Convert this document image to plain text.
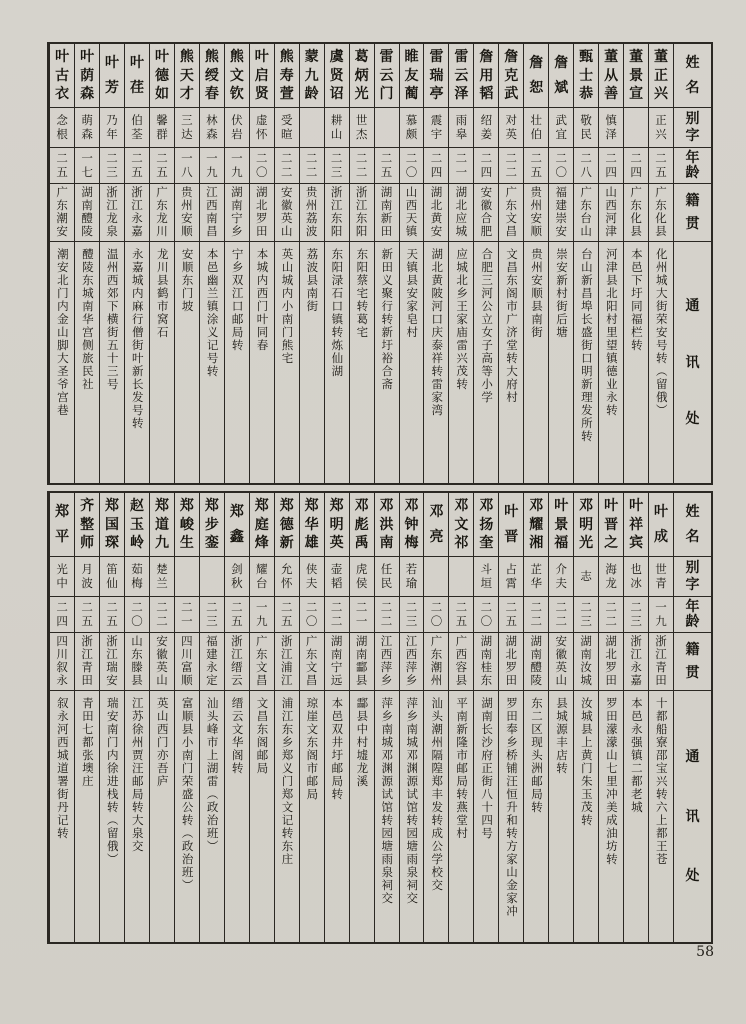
姓
名
别
字
年
龄
籍
贯
通
讯
处
董
正
兴
正
兴
二
五
广
东
化
县
化州城大街荣安号转（留俄）
董
景
宣
二
四
广
东
化
县
本邑下圩同福栏转
董
从
善
慎
泽
二
四
山
西
河
津
河津县北阳村里望镇德业永转
甄
士
恭
敬
民
二
八
广
东
台
山
台山新昌埠长盛街口明新理发所转
詹
斌
武
宜
二
〇
福
建
崇
安
崇安新村街后塘
詹
恕
壮
伯
二
五
贵
州
安
顺
贵州安顺县南街
詹
克
武
对
英
二
二
广
东
文
昌
文昌东阁市广济堂转大府村
詹
用
韬
绍
姜
二
四
安
徽
合
肥
合肥三河公立女子高等小学
雷
云
泽
雨
皋
二
一
湖
北
应
城
应城北乡王家庙雷兴茂转
雷
瑞
亭
震
宇
二
四
湖
北
黄
安
湖北黄陂河口庆泰祥转雷家湾
睢
友
蔺
慕
颇
二
〇
山
西
天
镇
天镇县安家皂村
雷
云
门
二
五
湖
南
新
田
新田义聚行转新圩裕合斋
葛
炳
光
世
杰
二
二
浙
江
东
阳
东阳蔡宅转葛宅
虞
贤
诏
耕
山
二
三
浙
江
东
阳
东阳渌石口镇转炼仙湖
蒙
九
龄
二
二
贵
州
荔
波
荔波县南街
熊
寿
萱
受
暄
二
二
安
徽
英
山
英山城内小南门熊宅
叶
启
贤
虚
怀
二
〇
湖
北
罗
田
本城内西门叶同春
熊
文
钦
伏
岩
一
九
湖
南
宁
乡
宁乡双江口邮局转
熊
绶
春
林
森
一
九
江
西
南
昌
本邑幽兰镇涂义记号转
熊
天
才
三
达
一
八
贵
州
安
顺
安顺东门坡
叶
德
如
馨
群
二
五
广
东
龙
川
龙川县鹤市窝石
叶
荏
伯
荃
二
五
浙
江
永
嘉
永嘉城内麻行僧街叶新长发号转
叶
芳
乃
年
二
三
浙
江
龙
泉
温州西郊下横街五十三号
叶
荫
森
萌
森
一
七
湖
南
醴
陵
醴陵东城南华宫侧旅民社
叶
古
衣
念
根
二
五
广
东
潮
安
潮安北门内金山脚大圣爷宫巷
姓
名
别
字
年
龄
籍
贯
通
讯
处
叶
成
世
青
一
九
浙
江
青
田
十都船寮邵宝兴转六上都王苍
叶
祥
宾
也
冰
二
三
浙
江
永
嘉
本邑永强镇二都老城
叶
晋
之
海
龙
二
二
湖
北
罗
田
罗田濛濛山七里冲美成油坊转
邓
明
光
志
二
三
湖
南
汝
城
汝城县上黄门朱玉茂转
叶
景
福
介
夫
二
二
安
徽
英
山
县城源丰店转
邓
耀
湘
芷
华
二
二
湖
南
醴
陵
东二区现头洲邮局转
叶
晋
占
霄
二
五
湖
北
罗
田
罗田奉乡桥铺汪恒升和转方家山金家冲
邓
扬
奎
斗
垣
二
〇
湖
南
桂
东
湖南长沙府正街八十四号
邓
文
祁
二
五
广
西
容
县
平南新隆市邮局转燕堂村
邓
亮
二
〇
广
东
潮
州
汕头潮州隔隍郑丰发转成公学校交
邓
钟
梅
若
瑜
二
三
江
西
萍
乡
萍乡南城邓渊源试馆转园塘雨泉祠交
邓
洪
南
任
民
二
二
江
西
萍
乡
萍乡南城邓渊源试馆转园塘雨泉祠交
邓
彪
禹
虎
侯
二
一
湖
南
酃
县
酃县中村墟龙溪
郑
明
英
壶
韬
二
二
湖
南
宁
远
本邑双井圩邮局转
郑
华
雄
侠
夫
二
〇
广
东
文
昌
琼崖文东阁市邮局
郑
德
新
允
怀
二
五
浙
江
浦
江
浦江东乡郑义门郑文记转东庄
郑
庭
烽
耀
台
一
九
广
东
文
昌
文昌东阁邮局
郑
鑫
剑
秋
二
五
浙
江
缙
云
缙云文华阁转
郑
步
銮
二
三
福
建
永
定
汕头峰市上湖雷（政治班）
郑
峻
生
二
一
四
川
富
顺
富顺县小南门荣盛公转（政治班）
郑
道
九
楚
兰
二
二
安
徽
英
山
英山西门亦吾庐
赵
玉
岭
茹
梅
二
〇
山
东
滕
县
江苏徐州贾汪邮局转大泉交
郑
国
琛
笛
仙
二
五
浙
江
瑞
安
瑞安南门内徐进栈转（留俄）
齐
整
师
月
波
二
五
浙
江
青
田
青田七都张墺庄
郑
平
光
中
二
四
四
川
叙
永
叙永河西城道署街丹记转
58
